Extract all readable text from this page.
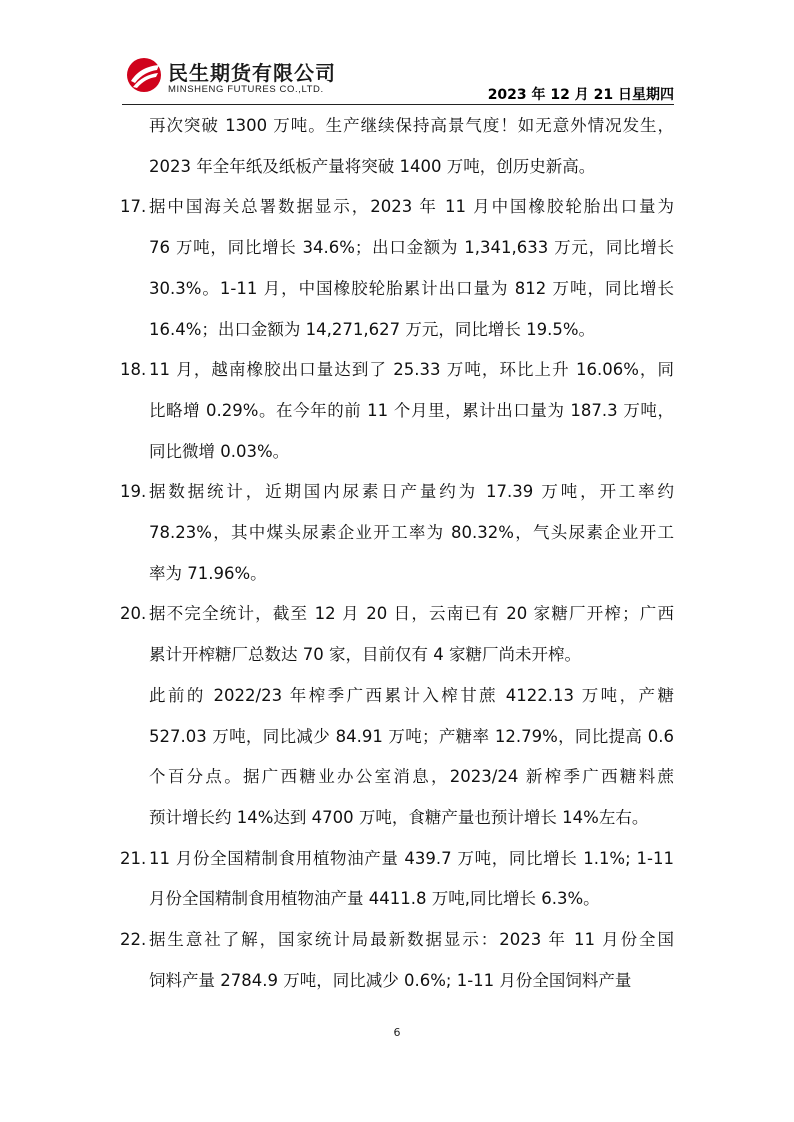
民生期货有限公司
MINSHENG FUTURES CO.,LTD.	2023 年 12 月 21 日星期四
再次突破 1300 万吨。生产继续保持高景气度！如无意外情况发生，
2023 年全年纸及纸板产量将突破 1400 万吨，创历史新高。
17. 据中国海关总署数据显示，2023 年 11 月中国橡胶轮胎出口量为
76 万吨，同比增长 34.6%；出口金额为 1,341,633 万元，同比增长
30.3%。1-11 月，中国橡胶轮胎累计出口量为 812 万吨，同比增长
16.4%；出口金额为 14,271,627 万元，同比增长 19.5%。
18. 11 月，越南橡胶出口量达到了 25.33 万吨，环比上升 16.06%，同
比略增 0.29%。在今年的前 11 个月里，累计出口量为 187.3 万吨，
同比微增 0.03%。
19. 据数据统计，近期国内尿素日产量约为 17.39 万吨，开工率约
78.23%，其中煤头尿素企业开工率为 80.32%，气头尿素企业开工
率为 71.96%。
20. 据不完全统计，截至 12 月 20 日，云南已有 20 家糖厂开榨；广西
累计开榨糖厂总数达 70 家，目前仅有 4 家糖厂尚未开榨。
此前的 2022/23 年榨季广西累计入榨甘蔗 4122.13 万吨，产糖
527.03 万吨，同比减少 84.91 万吨；产糖率 12.79%，同比提高 0.6
个百分点。据广西糖业办公室消息，2023/24 新榨季广西糖料蔗
预计增长约 14%达到 4700 万吨，食糖产量也预计增长 14%左右。
21. 11 月份全国精制食用植物油产量 439.7 万吨，同比增长 1.1%; 1-11
月份全国精制食用植物油产量 4411.8 万吨,同比增长 6.3%。
22. 据生意社了解，国家统计局最新数据显示：2023 年 11 月份全国
饲料产量 2784.9 万吨，同比减少 0.6%; 1-11 月份全国饲料产量
6
